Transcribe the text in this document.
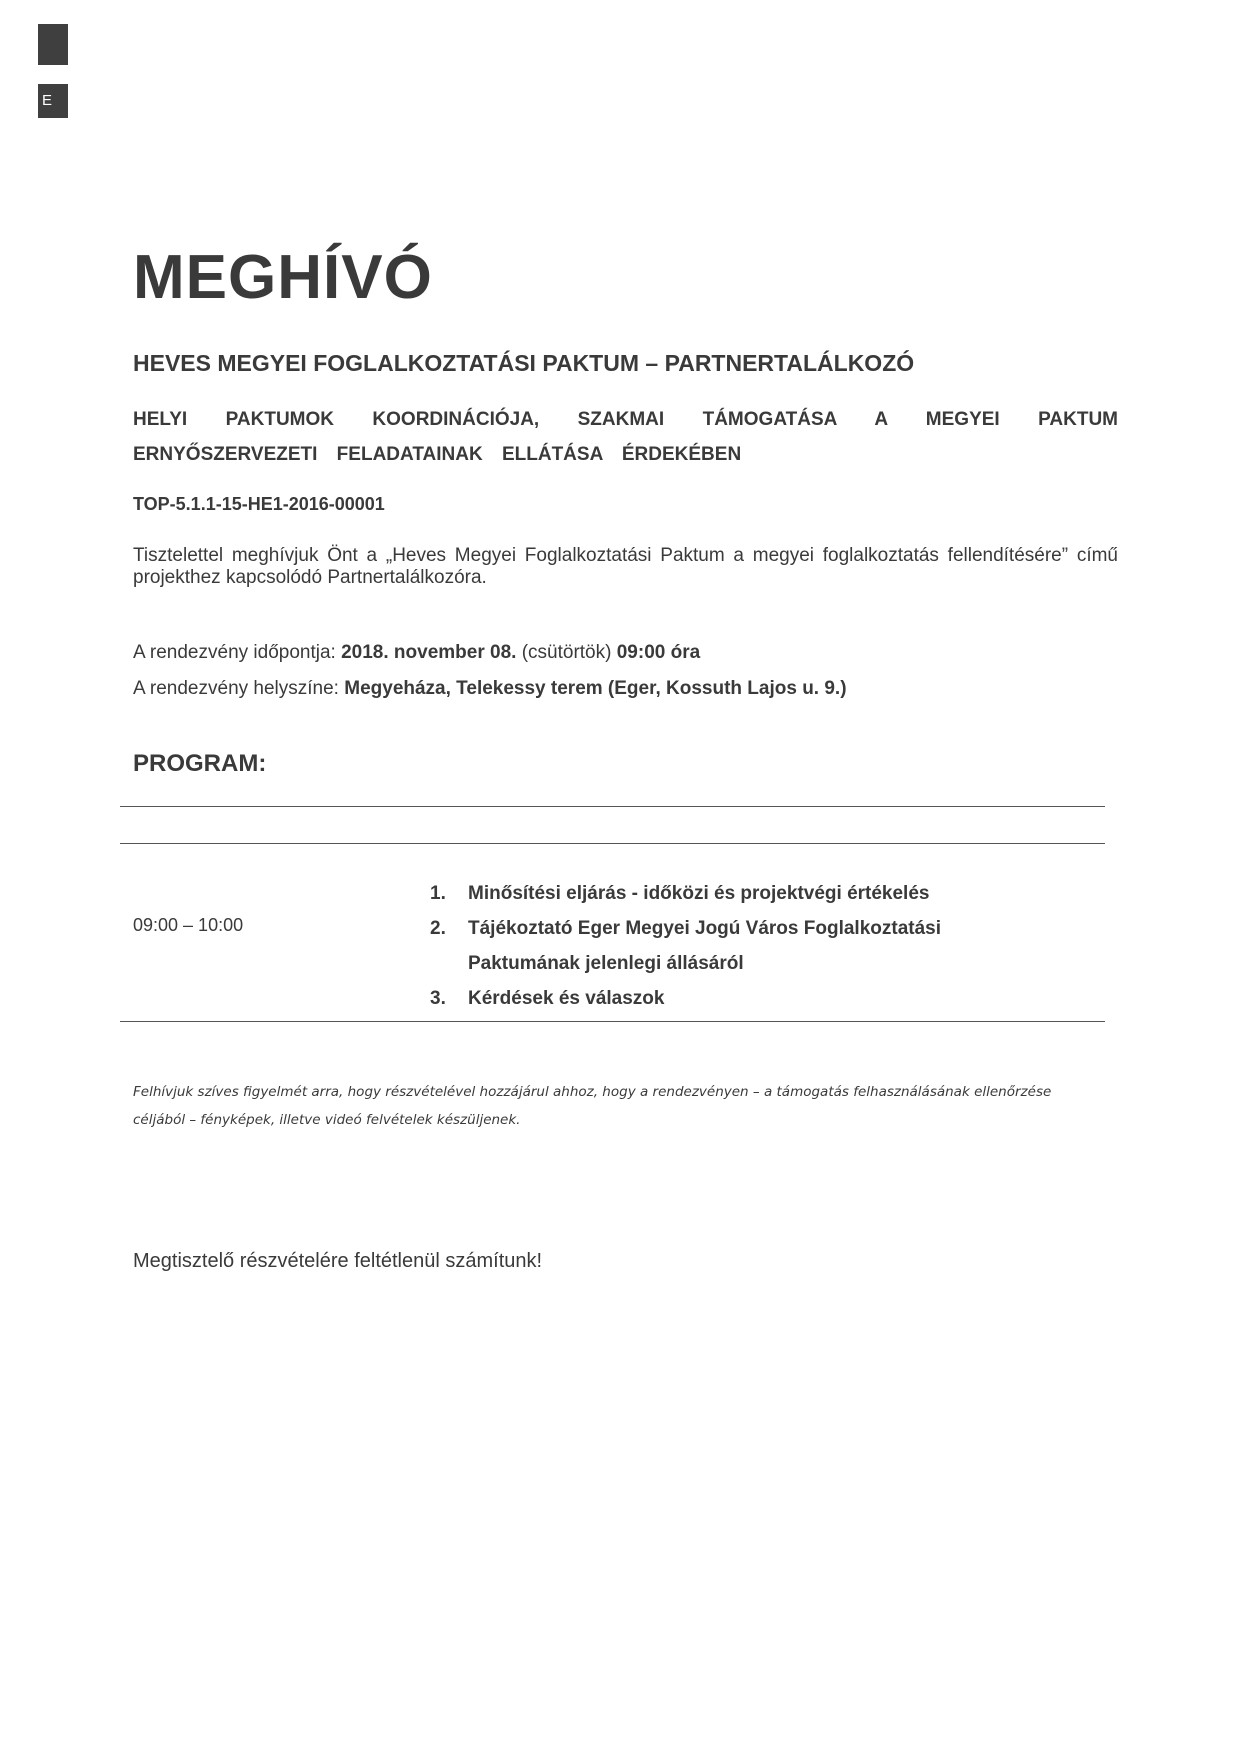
E
MEGHÍVÓ
HEVES MEGYEI FOGLALKOZTATÁSI PAKTUM – PARTNERTALÁLKOZÓ

HELYI PAKTUMOK KOORDINÁCIÓJA, SZAKMAI TÁMOGATÁSA A MEGYEI PAKTUM ERNYŐSZERVEZETI FELADATAINAK ELLÁTÁSA ÉRDEKÉBEN

TOP-5.1.1-15-HE1-2016-00001

Tisztelettel meghívjuk Önt a „Heves Megyei Foglalkoztatási Paktum a megyei foglalkoztatás fellendítésére” című projekthez kapcsolódó Partnertalálkozóra.

A rendezvény időpontja: 2018. november 08. (csütörtök) 09:00 óra

A rendezvény helyszíne: Megyeháza, Telekessy terem (Eger, Kossuth Lajos u. 9.)

PROGRAM:

09:00 – 10:00

1. Minősítési eljárás - időközi és projektvégi értékelés
2. Tájékoztató Eger Megyei Jogú Város Foglalkoztatási Paktumának jelenlegi állásáról
3. Kérdések és válaszok

Felhívjuk szíves figyelmét arra, hogy részvételével hozzájárul ahhoz, hogy a rendezvényen – a támogatás felhasználásának ellenőrzése céljából – fényképek, illetve videó felvételek készüljenek.

Megtisztelő részvételére feltétlenül számítunk!
